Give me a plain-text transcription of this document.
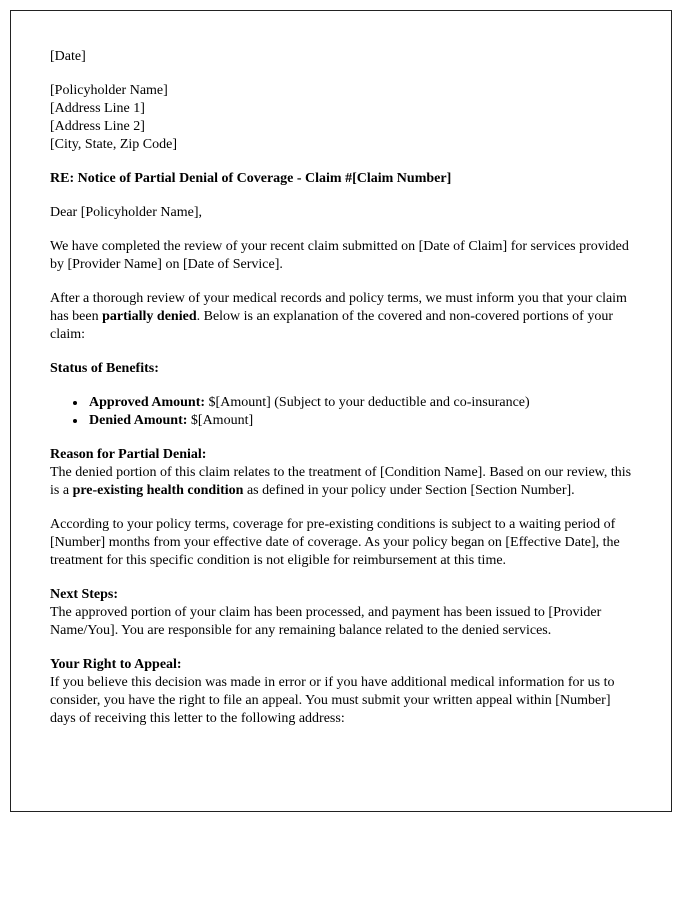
[Date]

[Policyholder Name]
[Address Line 1]
[Address Line 2]
[City, State, Zip Code]

RE: Notice of Partial Denial of Coverage - Claim #[Claim Number]

Dear [Policyholder Name],

We have completed the review of your recent claim submitted on [Date of Claim] for services provided by [Provider Name] on [Date of Service].

After a thorough review of your medical records and policy terms, we must inform you that your claim has been partially denied. Below is an explanation of the covered and non-covered portions of your claim:

Status of Benefits:

• Approved Amount: $[Amount] (Subject to your deductible and co-insurance)
• Denied Amount: $[Amount]
Reason for Partial Denial:
The denied portion of this claim relates to the treatment of [Condition Name]. Based on our review, this is a pre-existing health condition as defined in your policy under Section [Section Number].

According to your policy terms, coverage for pre-existing conditions is subject to a waiting period of [Number] months from your effective date of coverage. As your policy began on [Effective Date], the treatment for this specific condition is not eligible for reimbursement at this time.

Next Steps:
The approved portion of your claim has been processed, and payment has been issued to [Provider Name/You]. You are responsible for any remaining balance related to the denied services.
Your Right to Appeal:
If you believe this decision was made in error or if you have additional medical information for us to consider, you have the right to file an appeal. You must submit your written appeal within [Number] days of receiving this letter to the following address:
